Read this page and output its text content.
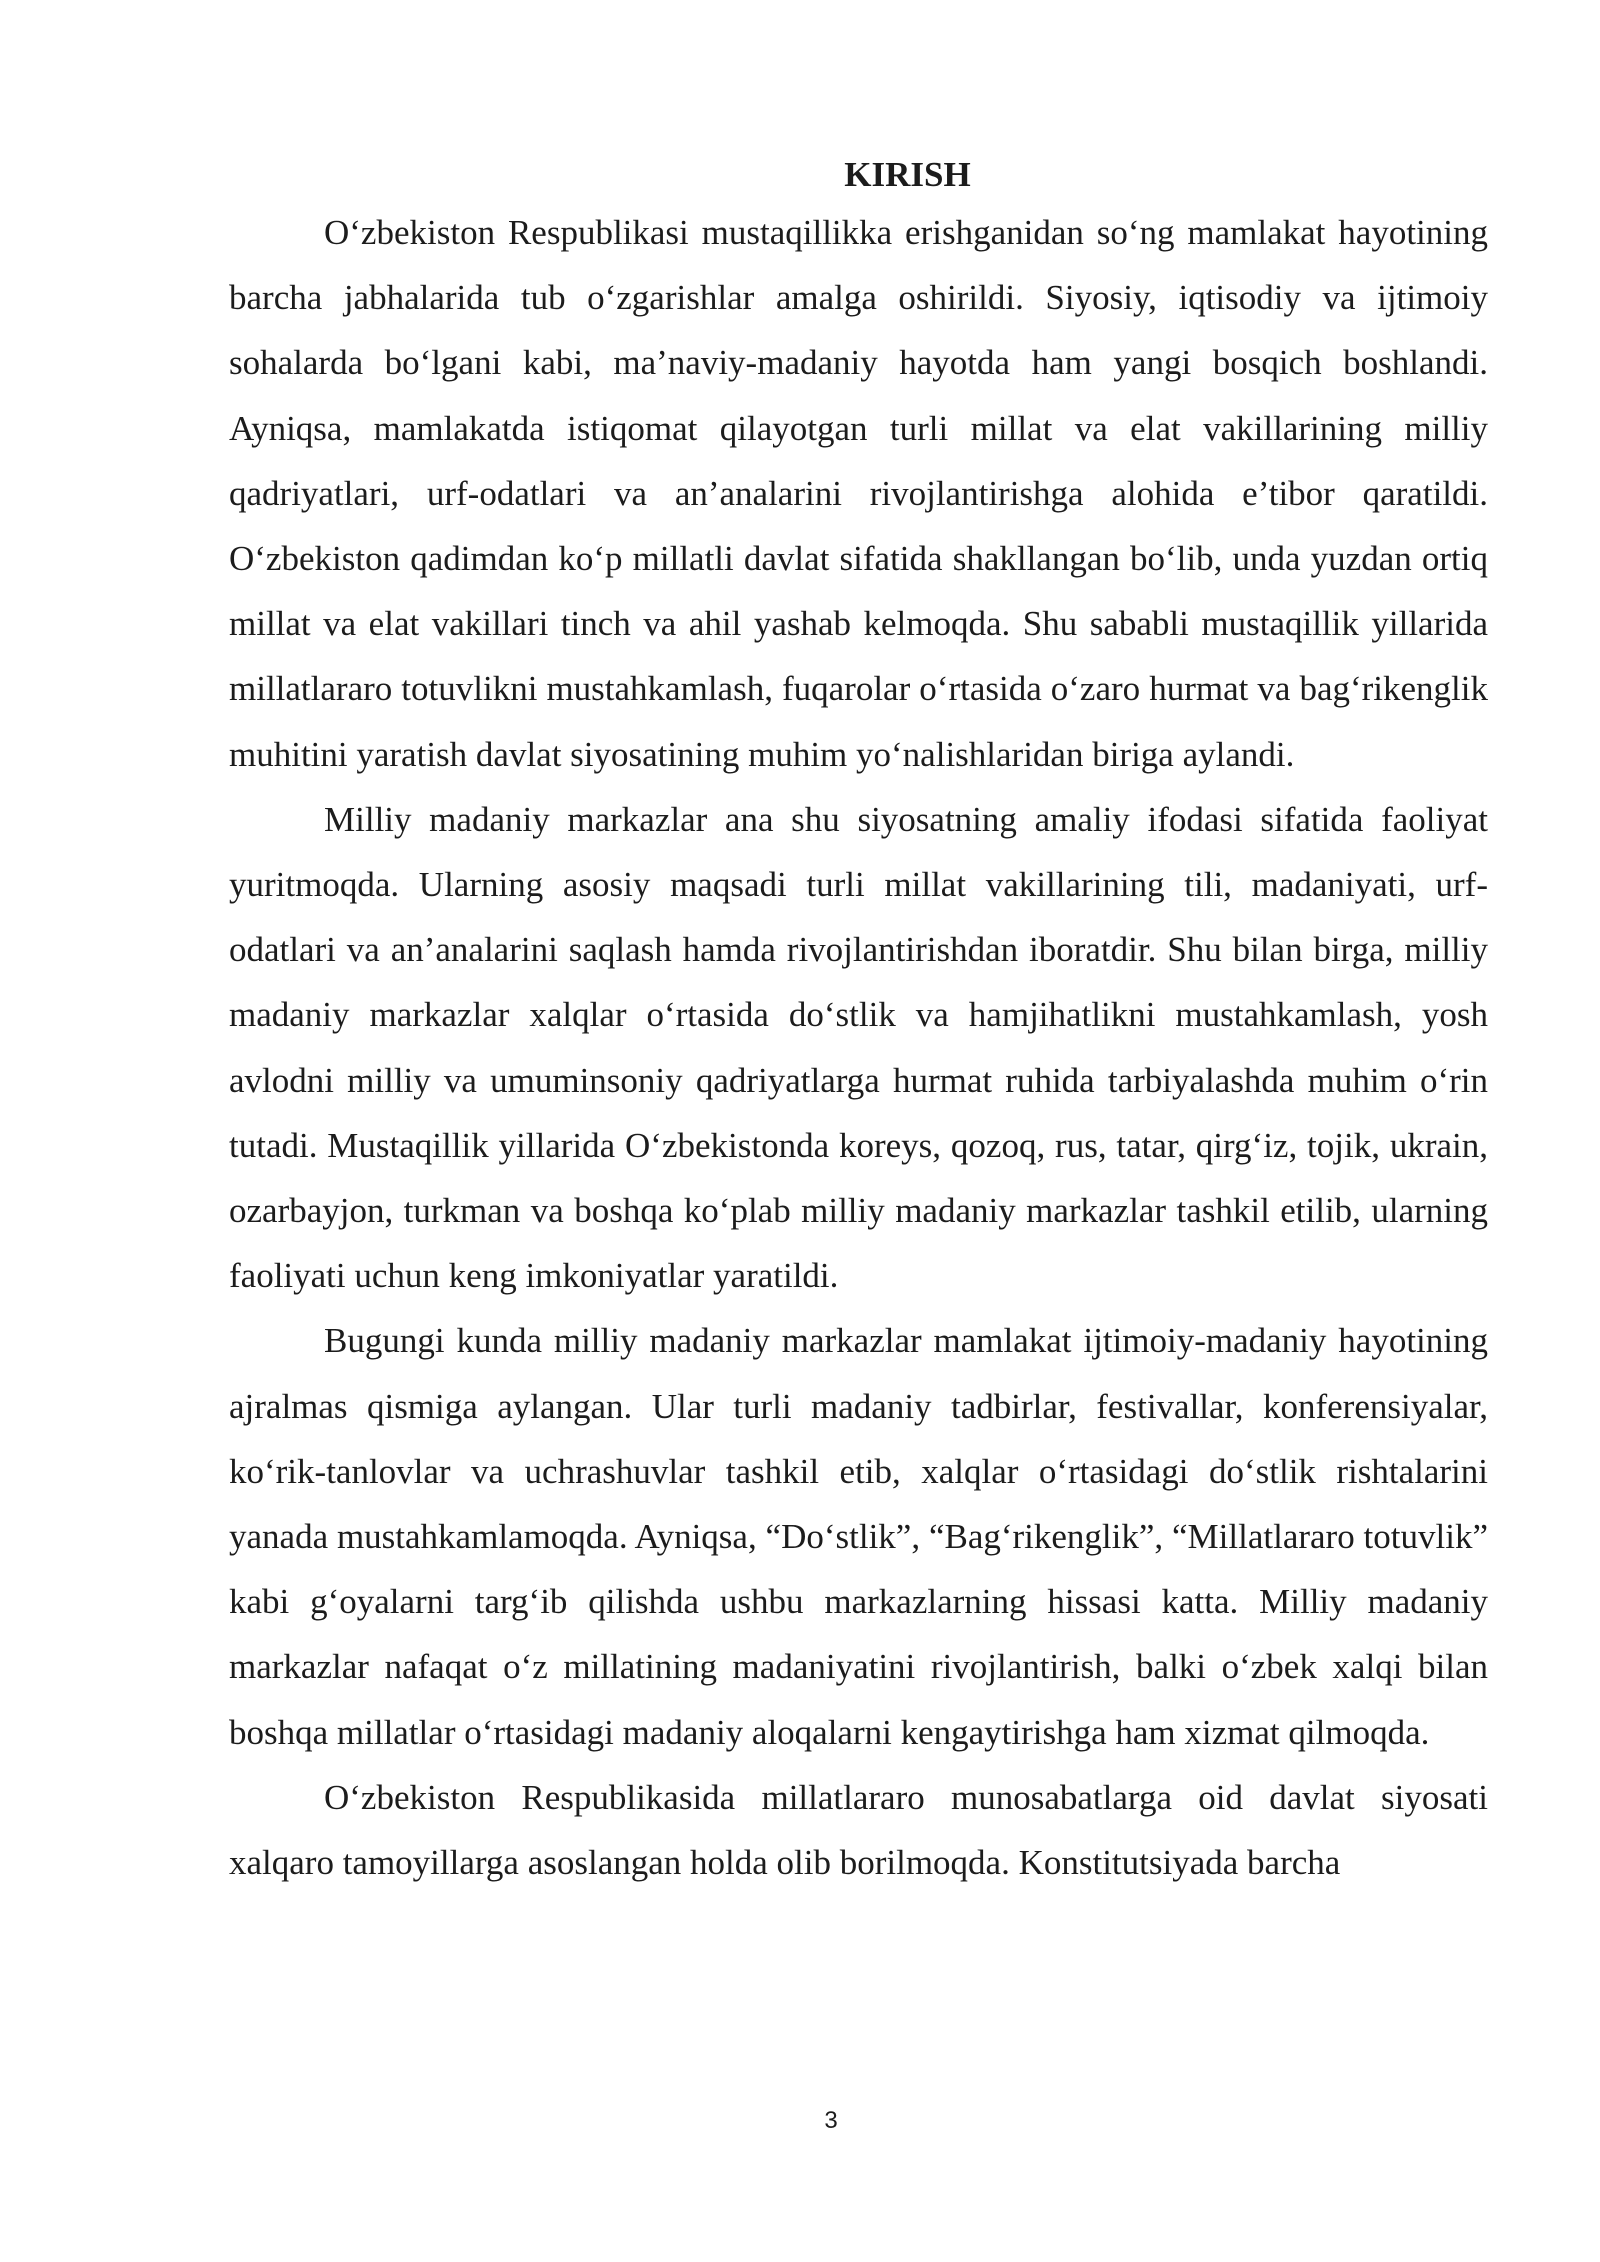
KIRISH

O‘zbekiston Respublikasi mustaqillikka erishganidan so‘ng mamlakat hayotining barcha jabhalarida tub o‘zgarishlar amalga oshirildi. Siyosiy, iqtisodiy va ijtimoiy sohalarda bo‘lgani kabi, ma’naviy-madaniy hayotda ham yangi bosqich boshlandi. Ayniqsa, mamlakatda istiqomat qilayotgan turli millat va elat vakillarining milliy qadriyatlari, urf-odatlari va an’analarini rivojlantirishga alohida e’tibor qaratildi. O‘zbekiston qadimdan ko‘p millatli davlat sifatida shakllangan bo‘lib, unda yuzdan ortiq millat va elat vakillari tinch va ahil yashab kelmoqda. Shu sababli mustaqillik yillarida millatlararo totuvlikni mustahkamlash, fuqarolar o‘rtasida o‘zaro hurmat va bag‘rikenglik muhitini yaratish davlat siyosatining muhim yo‘nalishlaridan biriga aylandi.

Milliy madaniy markazlar ana shu siyosatning amaliy ifodasi sifatida faoliyat yuritmoqda. Ularning asosiy maqsadi turli millat vakillarining tili, madaniyati, urf-odatlari va an’analarini saqlash hamda rivojlantirishdan iboratdir. Shu bilan birga, milliy madaniy markazlar xalqlar o‘rtasida do‘stlik va hamjihatlikni mustahkamlash, yosh avlodni milliy va umuminsoniy qadriyatlarga hurmat ruhida tarbiyalashda muhim o‘rin tutadi. Mustaqillik yillarida O‘zbekistonda koreys, qozoq, rus, tatar, qirg‘iz, tojik, ukrain, ozarbayjon, turkman va boshqa ko‘plab milliy madaniy markazlar tashkil etilib, ularning faoliyati uchun keng imkoniyatlar yaratildi.

Bugungi kunda milliy madaniy markazlar mamlakat ijtimoiy-madaniy hayotining ajralmas qismiga aylangan. Ular turli madaniy tadbirlar, festivallar, konferensiyalar, ko‘rik-tanlovlar va uchrashuvlar tashkil etib, xalqlar o‘rtasidagi do‘stlik rishtalarini yanada mustahkamlamoqda. Ayniqsa, “Do‘stlik”, “Bag‘rikenglik”, “Millatlararo totuvlik” kabi g‘oyalarni targ‘ib qilishda ushbu markazlarning hissasi katta. Milliy madaniy markazlar nafaqat o‘z millatining madaniyatini rivojlantirish, balki o‘zbek xalqi bilan boshqa millatlar o‘rtasidagi madaniy aloqalarni kengaytirishga ham xizmat qilmoqda.

O‘zbekiston Respublikasida millatlararo munosabatlarga oid davlat siyosati xalqaro tamoyillarga asoslangan holda olib borilmoqda. Konstitutsiyada barcha

3
